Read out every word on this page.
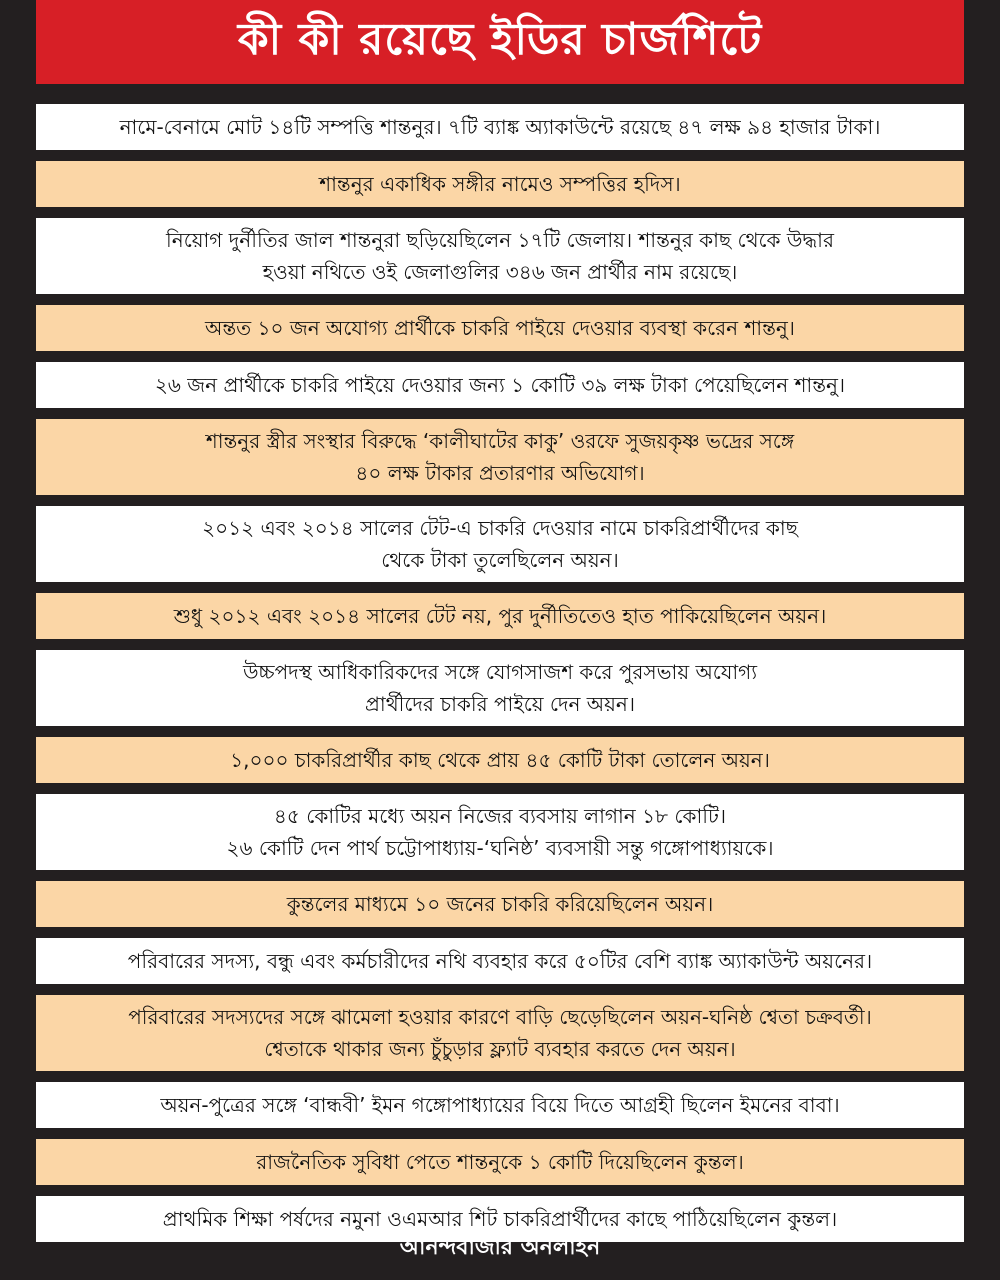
কী কী রয়েছে ইডির চার্জশিটে
নামে-বেনামে মোট ১৪টি সম্পত্তি শান্তনুর। ৭টি ব্যাঙ্ক অ্যাকাউন্টে রয়েছে ৪৭ লক্ষ ৯৪ হাজার টাকা।
শান্তনুর একাধিক সঙ্গীর নামেও সম্পত্তির হদিস।
নিয়োগ দুর্নীতির জাল শান্তনুরা ছড়িয়েছিলেন ১৭টি জেলায়। শান্তনুর কাছ থেকে উদ্ধার
হওয়া নথিতে ওই জেলাগুলির ৩৪৬ জন প্রার্থীর নাম রয়েছে।
অন্তত ১০ জন অযোগ্য প্রার্থীকে চাকরি পাইয়ে দেওয়ার ব্যবস্থা করেন শান্তনু।
২৬ জন প্রার্থীকে চাকরি পাইয়ে দেওয়ার জন্য ১ কোটি ৩৯ লক্ষ টাকা পেয়েছিলেন শান্তনু।
শান্তনুর স্ত্রীর সংস্থার বিরুদ্ধে ‘কালীঘাটের কাকু’ ওরফে সুজয়কৃষ্ণ ভদ্রের সঙ্গে
৪০ লক্ষ টাকার প্রতারণার অভিযোগ।
২০১২ এবং ২০১৪ সালের টেট-এ চাকরি দেওয়ার নামে চাকরিপ্রার্থীদের কাছ
থেকে টাকা তুলেছিলেন অয়ন।
শুধু ২০১২ এবং ২০১৪ সালের টেট নয়, পুর দুর্নীতিতেও হাত পাকিয়েছিলেন অয়ন।
উচ্চপদস্থ আধিকারিকদের সঙ্গে যোগসাজশ করে পুরসভায় অযোগ্য
প্রার্থীদের চাকরি পাইয়ে দেন অয়ন।
১,০০০ চাকরিপ্রার্থীর কাছ থেকে প্রায় ৪৫ কোটি টাকা তোলেন অয়ন।
৪৫ কোটির মধ্যে অয়ন নিজের ব্যবসায় লাগান ১৮ কোটি।
২৬ কোটি দেন পার্থ চট্টোপাধ্যায়-‘ঘনিষ্ঠ’ ব্যবসায়ী সন্তু গঙ্গোপাধ্যায়কে।
কুন্তলের মাধ্যমে ১০ জনের চাকরি করিয়েছিলেন অয়ন।
পরিবারের সদস্য, বন্ধু এবং কর্মচারীদের নথি ব্যবহার করে ৫০টির বেশি ব্যাঙ্ক অ্যাকাউন্ট অয়নের।
পরিবারের সদস্যদের সঙ্গে ঝামেলা হওয়ার কারণে বাড়ি ছেড়েছিলেন অয়ন-ঘনিষ্ঠ শ্বেতা চক্রবর্তী।
শ্বেতাকে থাকার জন্য চুঁচুড়ার ফ্ল্যাট ব্যবহার করতে দেন অয়ন।
অয়ন-পুত্রের সঙ্গে ‘বান্ধবী’ ইমন গঙ্গোপাধ্যায়ের বিয়ে দিতে আগ্রহী ছিলেন ইমনের বাবা।
রাজনৈতিক সুবিধা পেতে শান্তনুকে ১ কোটি দিয়েছিলেন কুন্তল।
প্রাথমিক শিক্ষা পর্ষদের নমুনা ওএমআর শিট চাকরিপ্রার্থীদের কাছে পাঠিয়েছিলেন কুন্তল।
আনন্দবাজার অনলাইন
